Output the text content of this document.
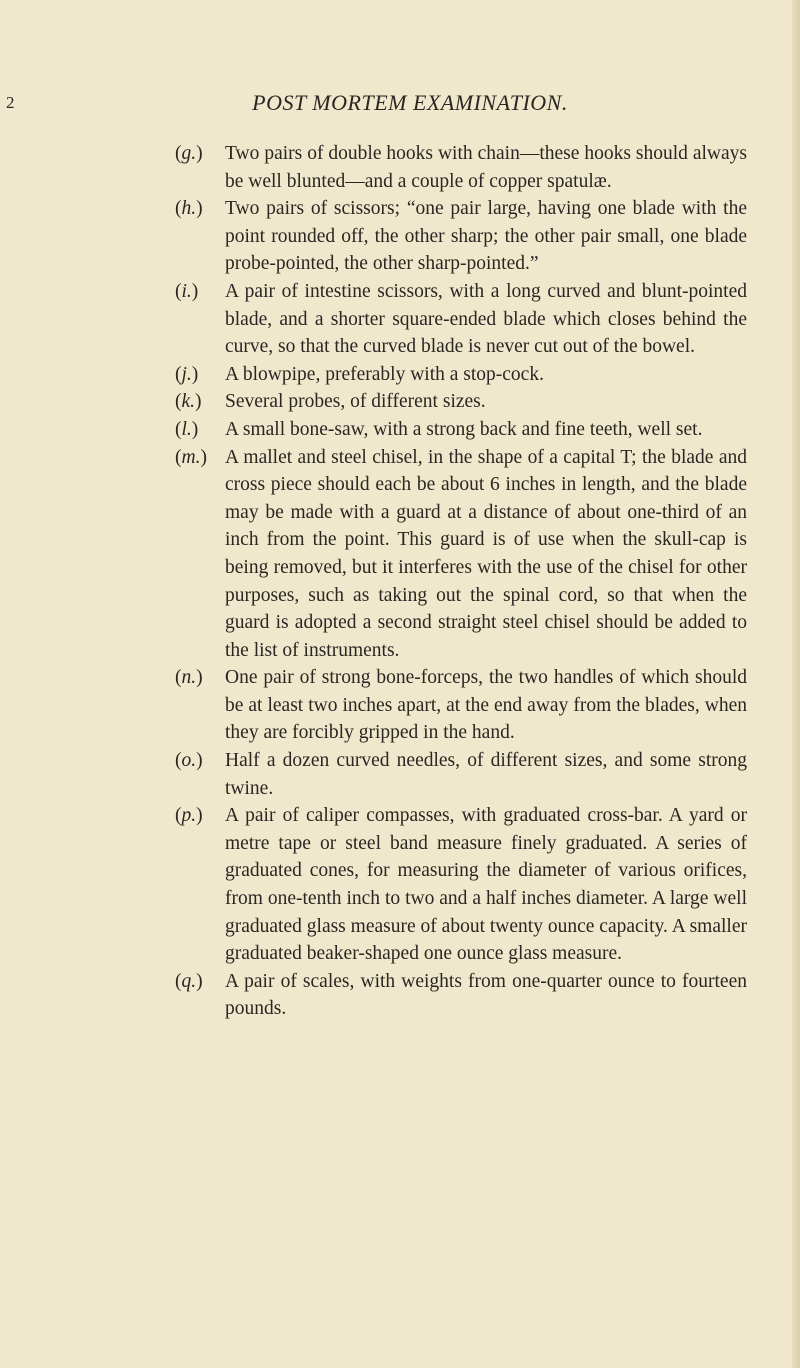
2	POST MORTEM EXAMINATION.

(g.) Two pairs of double hooks with chain—these hooks should always be well blunted—and a couple of copper spatulæ.

(h.) Two pairs of scissors; “one pair large, having one blade with the point rounded off, the other sharp; the other pair small, one blade probe-pointed, the other sharp-pointed.”

(i.) A pair of intestine scissors, with a long curved and blunt-pointed blade, and a shorter square-ended blade which closes behind the curve, so that the curved blade is never cut out of the bowel.

(j.) A blowpipe, preferably with a stop-cock.

(k.) Several probes, of different sizes.

(l.) A small bone-saw, with a strong back and fine teeth, well set.

(m.) A mallet and steel chisel, in the shape of a capital T; the blade and cross piece should each be about 6 inches in length, and the blade may be made with a guard at a distance of about one-third of an inch from the point. This guard is of use when the skull-cap is being removed, but it interferes with the use of the chisel for other purposes, such as taking out the spinal cord, so that when the guard is adopted a second straight steel chisel should be added to the list of instruments.

(n.) One pair of strong bone-forceps, the two handles of which should be at least two inches apart, at the end away from the blades, when they are forcibly gripped in the hand.

(o.) Half a dozen curved needles, of different sizes, and some strong twine.

(p.) A pair of caliper compasses, with graduated cross-bar. A yard or metre tape or steel band measure finely graduated. A series of graduated cones, for measuring the diameter of various orifices, from one-tenth inch to two and a half inches diameter. A large well graduated glass measure of about twenty ounce capacity. A smaller graduated beaker-shaped one ounce glass measure.

(q.) A pair of scales, with weights from one-quarter ounce to fourteen pounds.
